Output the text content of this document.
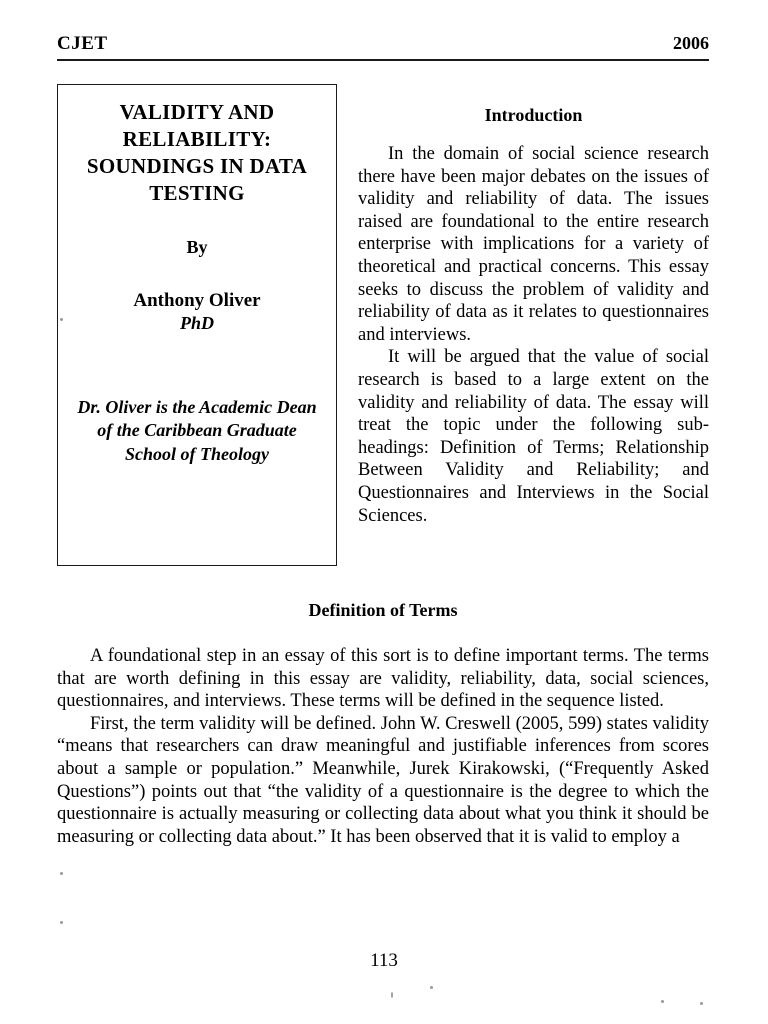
CJET	2006
VALIDITY AND RELIABILITY: SOUNDINGS IN DATA TESTING
By
Anthony Oliver
PhD
Dr. Oliver is the Academic Dean of the Caribbean Graduate School of Theology
Introduction

In the domain of social science research there have been major debates on the issues of validity and reliability of data. The issues raised are foundational to the entire research enterprise with implications for a variety of theoretical and practical concerns. This essay seeks to discuss the problem of validity and reliability of data as it relates to questionnaires and interviews.

It will be argued that the value of social research is based to a large extent on the validity and reliability of data. The essay will treat the topic under the following sub-headings: Definition of Terms; Relationship Between Validity and Reliability; and Questionnaires and Interviews in the Social Sciences.

Definition of Terms

A foundational step in an essay of this sort is to define important terms. The terms that are worth defining in this essay are validity, reliability, data, social sciences, questionnaires, and interviews. These terms will be defined in the sequence listed.

First, the term validity will be defined. John W. Creswell (2005, 599) states validity “means that researchers can draw meaningful and justifiable inferences from scores about a sample or population.” Meanwhile, Jurek Kirakowski, (“Frequently Asked Questions”) points out that “the validity of a questionnaire is the degree to which the questionnaire is actually measuring or collecting data about what you think it should be measuring or collecting data about.” It has been observed that it is valid to employ a

113
